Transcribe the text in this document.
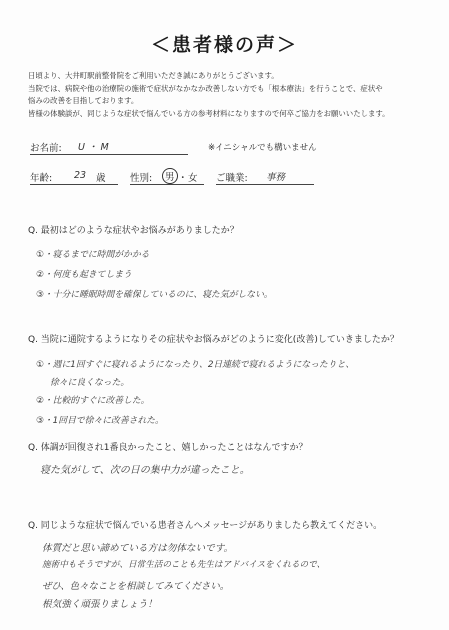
＜患者様の声＞
日頃より、大井町駅前整骨院をご利用いただき誠にありがとうございます。
当院では、病院や他の治療院の施術で症状がなかなか改善しない方でも「根本療法」を行うことで、症状や
悩みの改善を目指しております。
皆様の体験談が、同じような症状で悩んでいる方の参考材料になりますので何卒ご協力をお願いいたします。
お名前: U・M	※イニシャルでも構いません
年齢: 23 歳	性別:	男 ・ 女 ご職業: 事務
Q. 最初はどのような症状やお悩みがありましたか？
①・寝るまでに時間がかかる
②・何度も起きてしまう
③・十分に睡眠時間を確保しているのに、寝た気がしない。
Q. 当院に通院するようになりその症状やお悩みがどのように変化(改善)していきましたか？
①・週に1回すぐに寝れるようになったり、2日連続で寝れるようになったりと、
徐々に良くなった。
②・比較的すぐに改善した。
③・1回目で徐々に改善された。
Q. 体調が回復され1番良かったこと、嬉しかったことはなんですか？
寝た気がして、次の日の集中力が違ったこと。
Q. 同じような症状で悩んでいる患者さんへメッセージがありましたら教えてください。
体質だと思い諦めている方は勿体ないです。
施術中もそうですが、日常生活のことも先生はアドバイスをくれるので、
ぜひ、色々なことを相談してみてください。
根気強く頑張りましょう！
